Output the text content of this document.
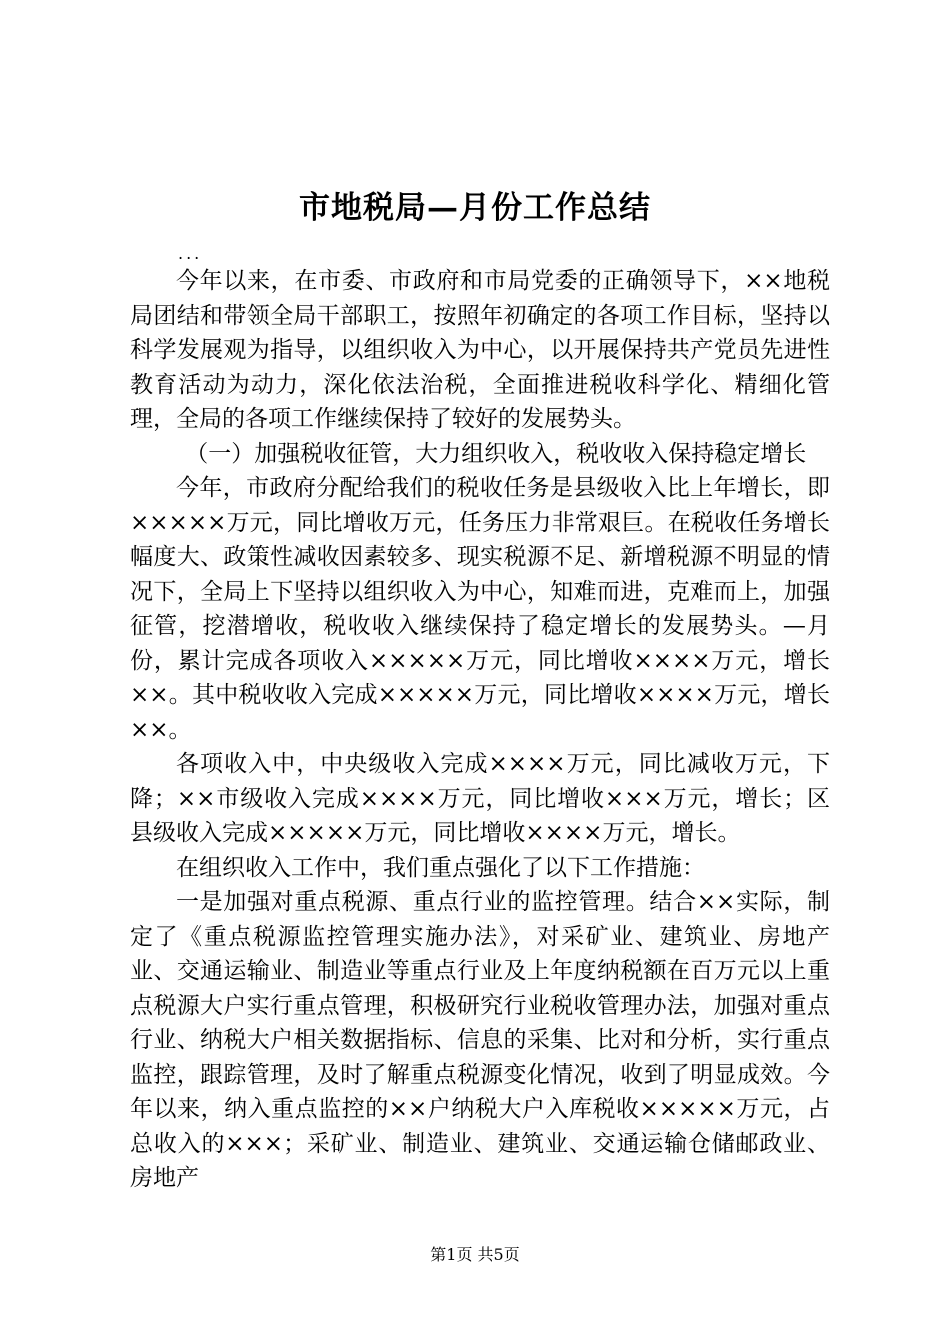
市地税局—月份工作总结
...

今年以来，在市委、市政府和市局党委的正确领导下，××地税局团结和带领全局干部职工，按照年初确定的各项工作目标，坚持以科学发展观为指导，以组织收入为中心，以开展保持共产党员先进性教育活动为动力，深化依法治税，全面推进税收科学化、精细化管理，全局的各项工作继续保持了较好的发展势头。

（一）加强税收征管，大力组织收入，税收收入保持稳定增长

今年，市政府分配给我们的税收任务是县级收入比上年增长，即×××××万元，同比增收万元，任务压力非常艰巨。在税收任务增长幅度大、政策性减收因素较多、现实税源不足、新增税源不明显的情况下，全局上下坚持以组织收入为中心，知难而进，克难而上，加强征管，挖潜增收，税收收入继续保持了稳定增长的发展势头。—月份，累计完成各项收入×××××万元，同比增收××××万元，增长××。其中税收收入完成×××××万元，同比增收××××万元，增长××。

各项收入中，中央级收入完成××××万元，同比减收万元，下降；××市级收入完成××××万元，同比增收×××万元，增长；区县级收入完成×××××万元，同比增收××××万元，增长。

在组织收入工作中，我们重点强化了以下工作措施：

一是加强对重点税源、重点行业的监控管理。结合××实际，制定了《重点税源监控管理实施办法》，对采矿业、建筑业、房地产业、交通运输业、制造业等重点行业及上年度纳税额在百万元以上重点税源大户实行重点管理，积极研究行业税收管理办法，加强对重点行业、纳税大户相关数据指标、信息的采集、比对和分析，实行重点监控，跟踪管理，及时了解重点税源变化情况，收到了明显成效。今年以来，纳入重点监控的××户纳税大户入库税收×××××万元，占总收入的×××；采矿业、制造业、建筑业、交通运输仓储邮政业、房地产

第1页 共5页
